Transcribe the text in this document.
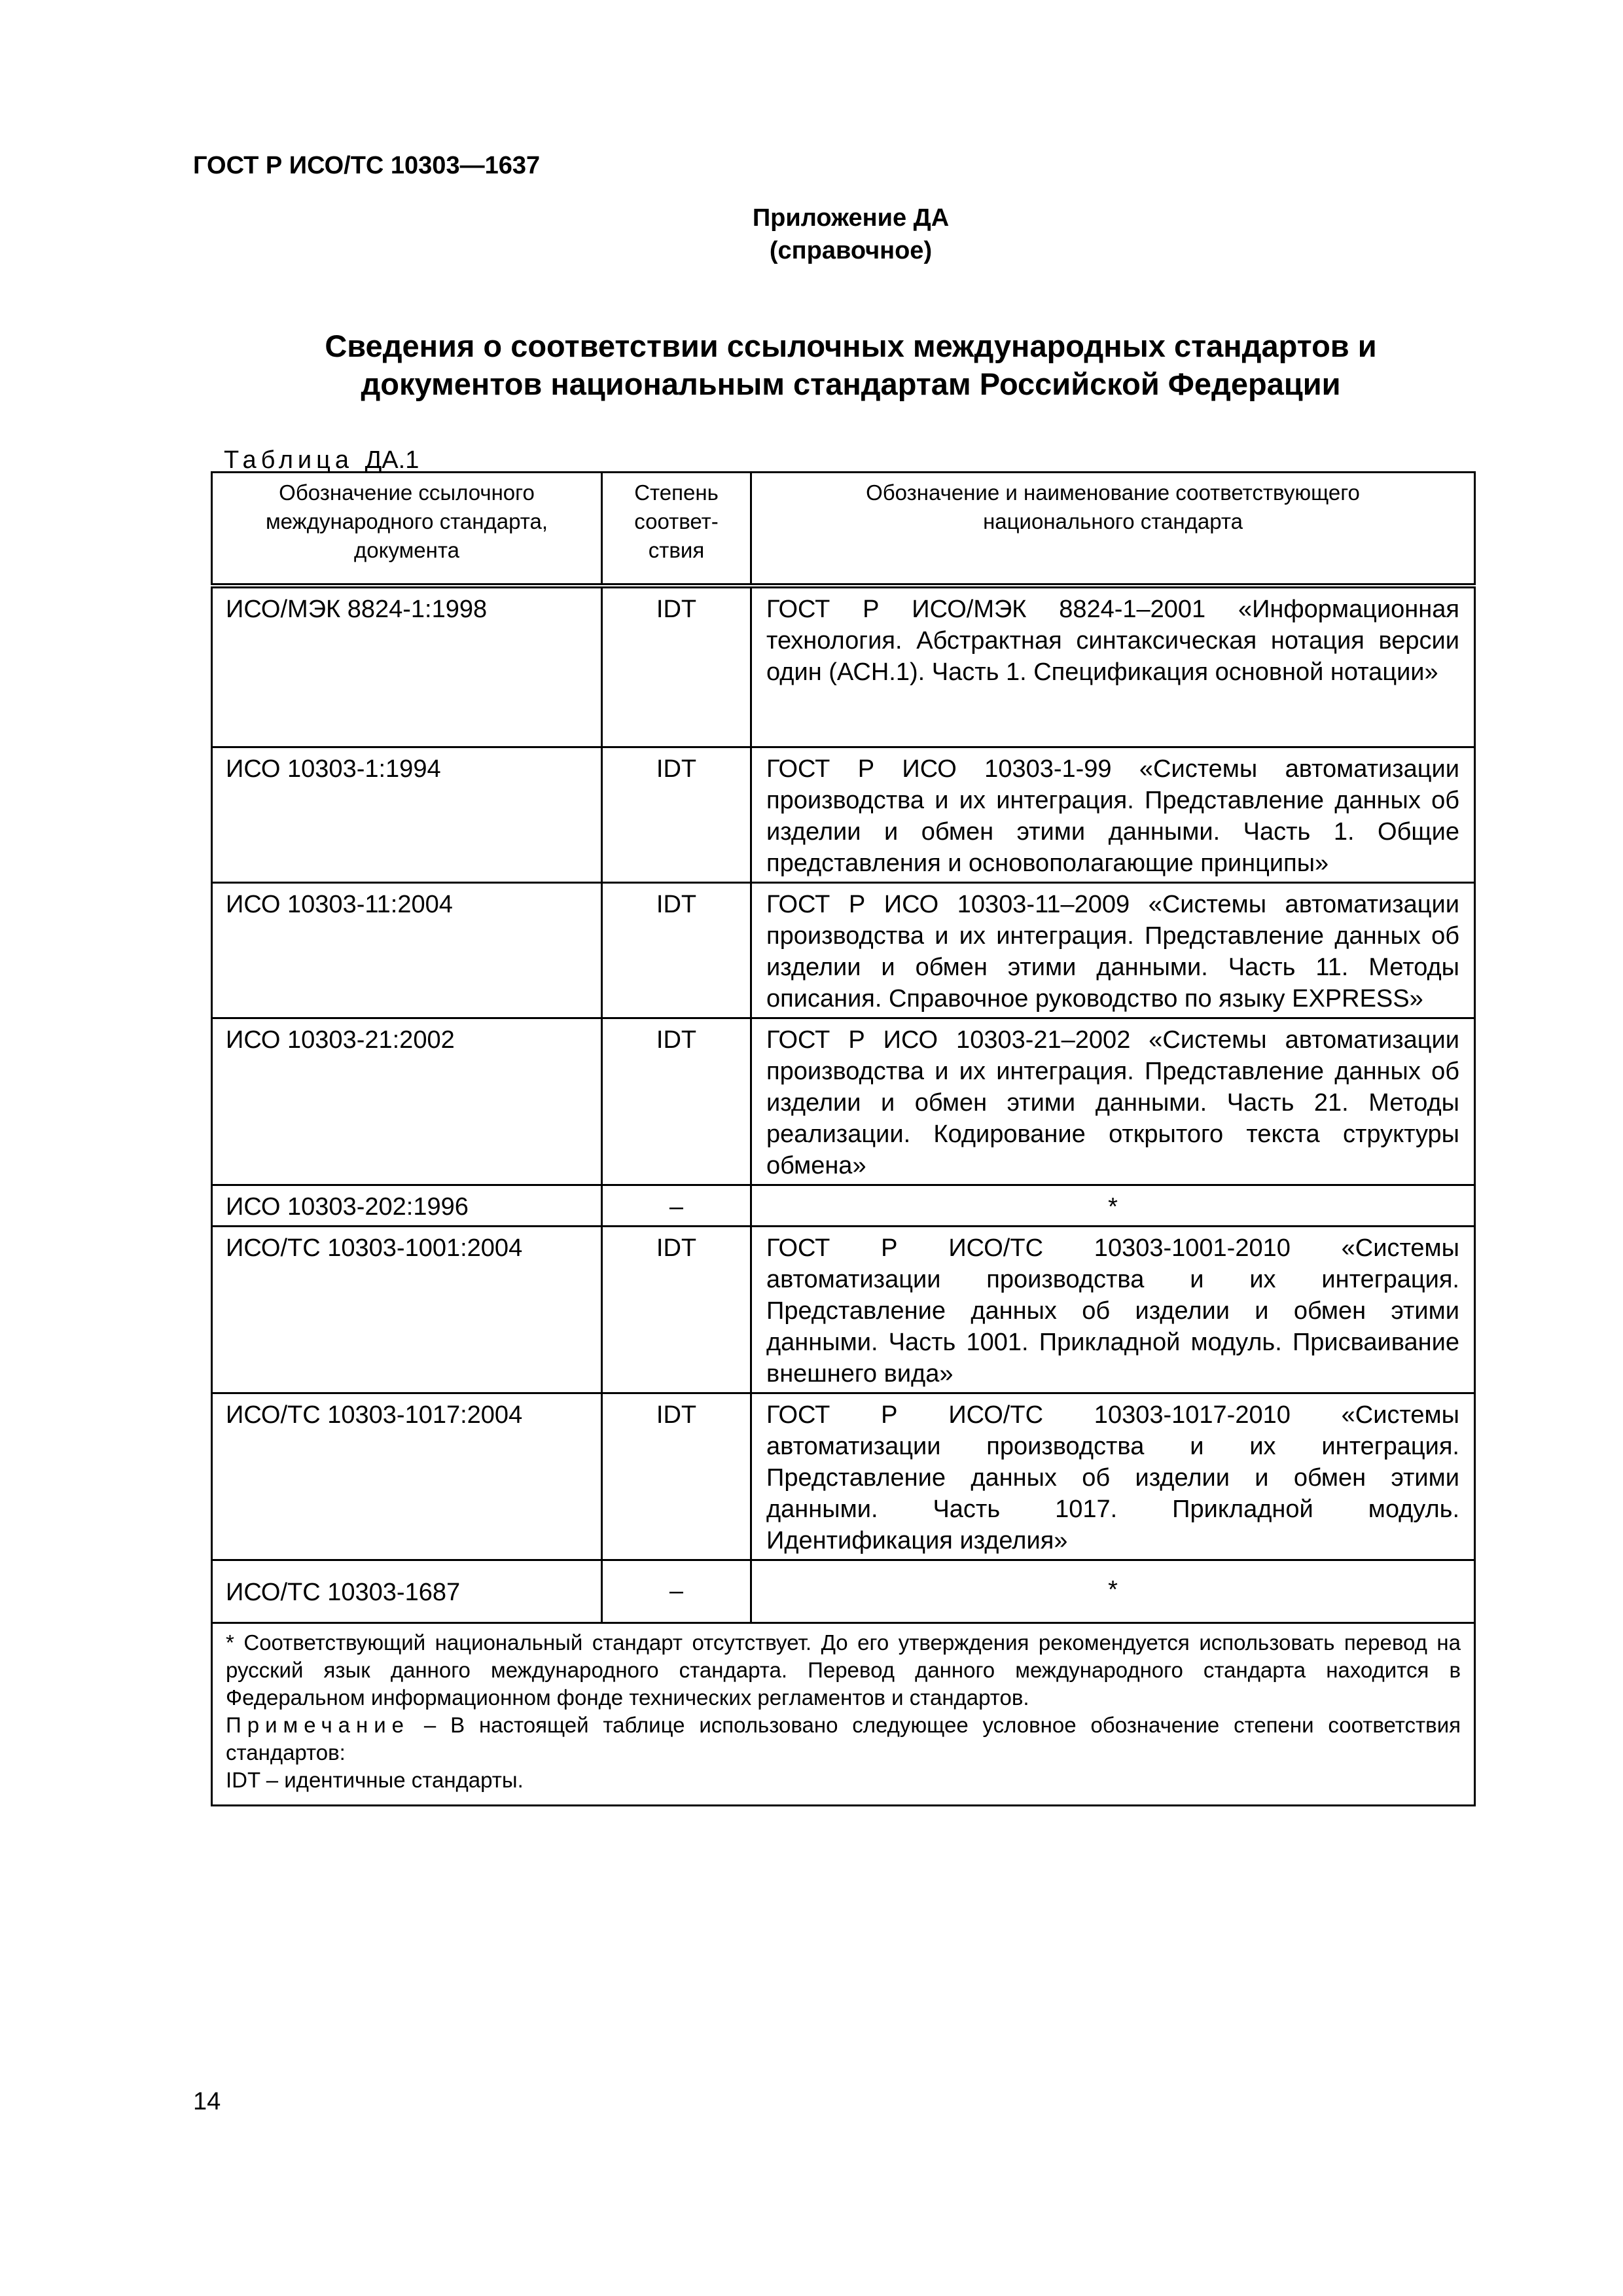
ГОСТ Р ИСО/ТС 10303—1637
Приложение ДА
(справочное)
Сведения о соответствии ссылочных международных стандартов и
документов национальным стандартам Российской Федерации
Таблица ДА.1
Обозначение ссылочного международного стандарта, документа	Степень соответ-ствия	Обозначение и наименование соответствующего национального стандарта
ИСО/МЭК 8824-1:1998	IDT	ГОСТ Р ИСО/МЭК 8824-1–2001 «Информационная технология. Абстрактная синтаксическая нотация версии один (АСН.1). Часть 1. Спецификация основной нотации»
ИСО 10303-1:1994	IDT	ГОСТ Р ИСО 10303-1-99 «Системы автоматизации производства и их интеграция. Представление данных об изделии и обмен этими данными. Часть 1. Общие представления и основополагающие принципы»
ИСО 10303-11:2004	IDT	ГОСТ Р ИСО 10303-11–2009 «Системы автоматизации производства и их интеграция. Представление данных об изделии и обмен этими данными. Часть 11. Методы описания. Справочное руководство по языку EXPRESS»
ИСО 10303-21:2002	IDT	ГОСТ Р ИСО 10303-21–2002 «Системы автоматизации производства и их интеграция. Представление данных об изделии и обмен этими данными. Часть 21. Методы реализации. Кодирование открытого текста структуры обмена»
ИСО 10303-202:1996	–	*
ИСО/ТС 10303-1001:2004	IDT	ГОСТ Р ИСО/ТС 10303-1001-2010 «Системы автоматизации производства и их интеграция. Представление данных об изделии и обмен этими данными. Часть 1001. Прикладной модуль. Присваивание внешнего вида»
ИСО/ТС 10303-1017:2004	IDT	ГОСТ Р ИСО/ТС 10303-1017-2010 «Системы автоматизации производства и их интеграция. Представление данных об изделии и обмен этими данными. Часть 1017. Прикладной модуль. Идентификация изделия»
ИСО/ТС 10303-1687	–	*

* Соответствующий национальный стандарт отсутствует. До его утверждения рекомендуется использовать перевод на русский язык данного международного стандарта. Перевод данного международного стандарта находится в Федеральном информационном фонде технических регламентов и стандартов.
Примечание – В настоящей таблице использовано следующее условное обозначение степени соответствия стандартов:
IDT – идентичные стандарты.		
14
